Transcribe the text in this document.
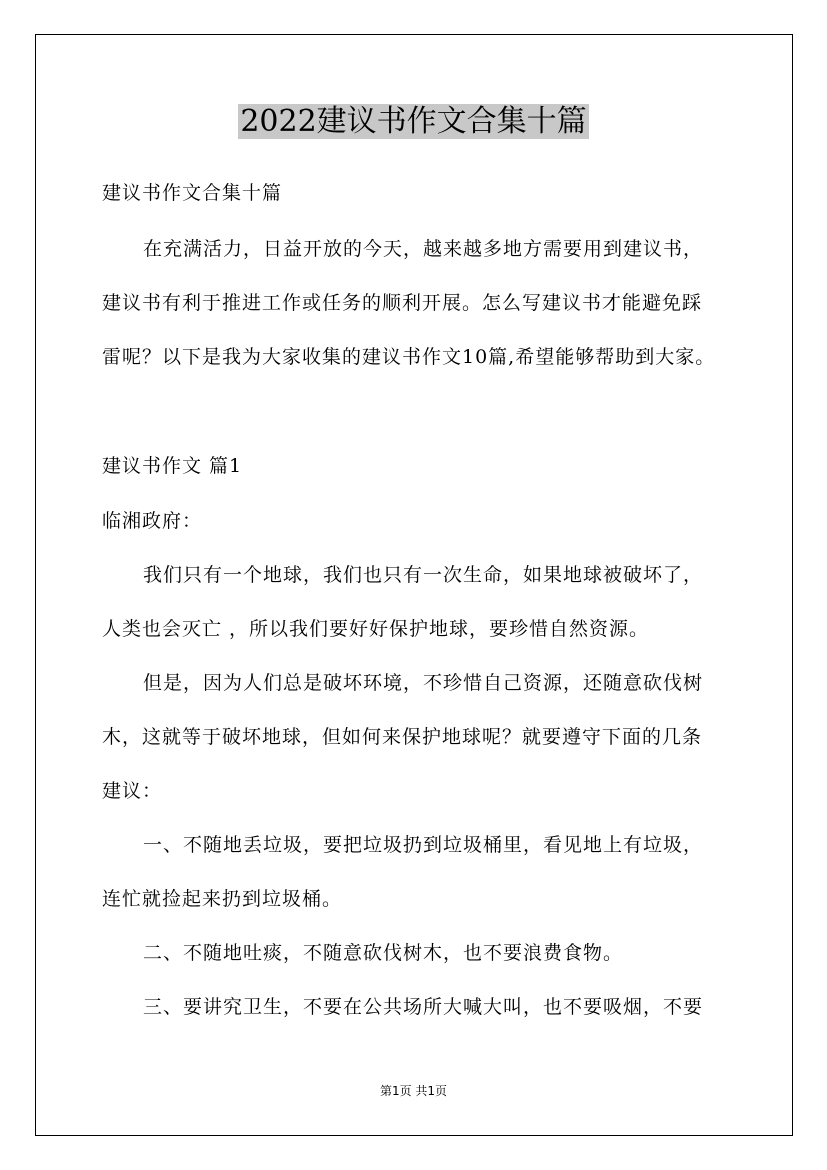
2022建议书作文合集十篇
建议书作文合集十篇
在充满活力，日益开放的今天，越来越多地方需要用到建议书，
建议书有利于推进工作或任务的顺利开展。怎么写建议书才能避免踩
雷呢？以下是我为大家收集的建议书作文10篇,希望能够帮助到大家。
建议书作文 篇1
临湘政府：
我们只有一个地球，我们也只有一次生命，如果地球被破坏了，
人类也会灭亡 ，所以我们要好好保护地球，要珍惜自然资源。
但是，因为人们总是破坏环境，不珍惜自己资源，还随意砍伐树
木，这就等于破坏地球，但如何来保护地球呢？就要遵守下面的几条
建议：
一、不随地丢垃圾，要把垃圾扔到垃圾桶里，看见地上有垃圾，
连忙就捡起来扔到垃圾桶。
二、不随地吐痰，不随意砍伐树木，也不要浪费食物。
三、要讲究卫生，不要在公共场所大喊大叫，也不要吸烟，不要
第1页 共1页
